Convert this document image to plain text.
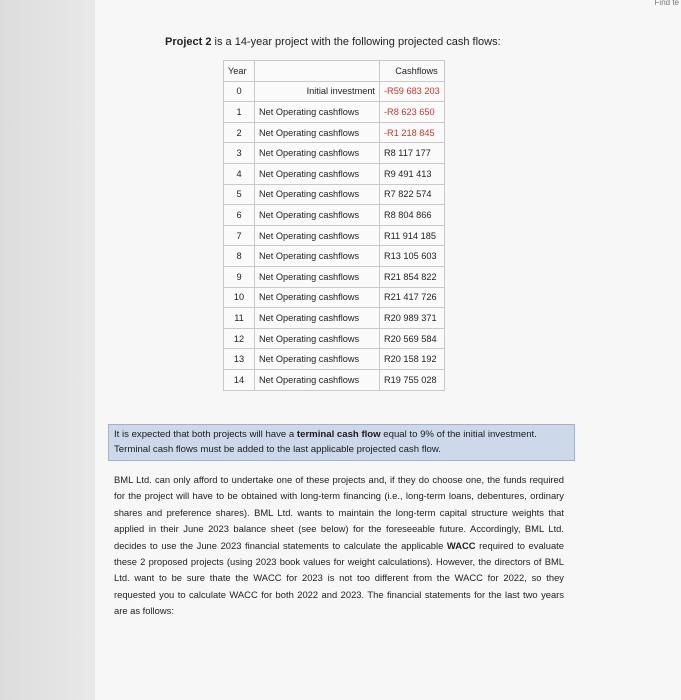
Find te
Project 2 is a 14-year project with the following projected cash flows:
Year		Cashflows
0	Initial investment	-R59 683 203
1	Net Operating cashflows	-R8 623 650
2	Net Operating cashflows	-R1 218 845
3	Net Operating cashflows	R8 117 177
4	Net Operating cashflows	R9 491 413
5	Net Operating cashflows	R7 822 574
6	Net Operating cashflows	R8 804 866
7	Net Operating cashflows	R11 914 185
8	Net Operating cashflows	R13 105 603
9	Net Operating cashflows	R21 854 822
10	Net Operating cashflows	R21 417 726
11	Net Operating cashflows	R20 989 371
12	Net Operating cashflows	R20 569 584
13	Net Operating cashflows	R20 158 192
14	Net Operating cashflows	R19 755 028
It is expected that both projects will have a terminal cash flow equal to 9% of the initial investment. Terminal cash flows must be added to the last applicable projected cash flow.
BML Ltd. can only afford to undertake one of these projects and, if they do choose one, the funds required for the project will have to be obtained with long-term financing (i.e., long-term loans, debentures, ordinary shares and preference shares). BML Ltd. wants to maintain the long-term capital structure weights that applied in their June 2023 balance sheet (see below) for the foreseeable future. Accordingly, BML Ltd. decides to use the June 2023 financial statements to calculate the applicable WACC required to evaluate these 2 proposed projects (using 2023 book values for weight calculations). However, the directors of BML Ltd. want to be sure thate the WACC for 2023 is not too different from the WACC for 2022, so they requested you to calculate WACC for both 2022 and 2023. The financial statements for the last two years are as follows:
